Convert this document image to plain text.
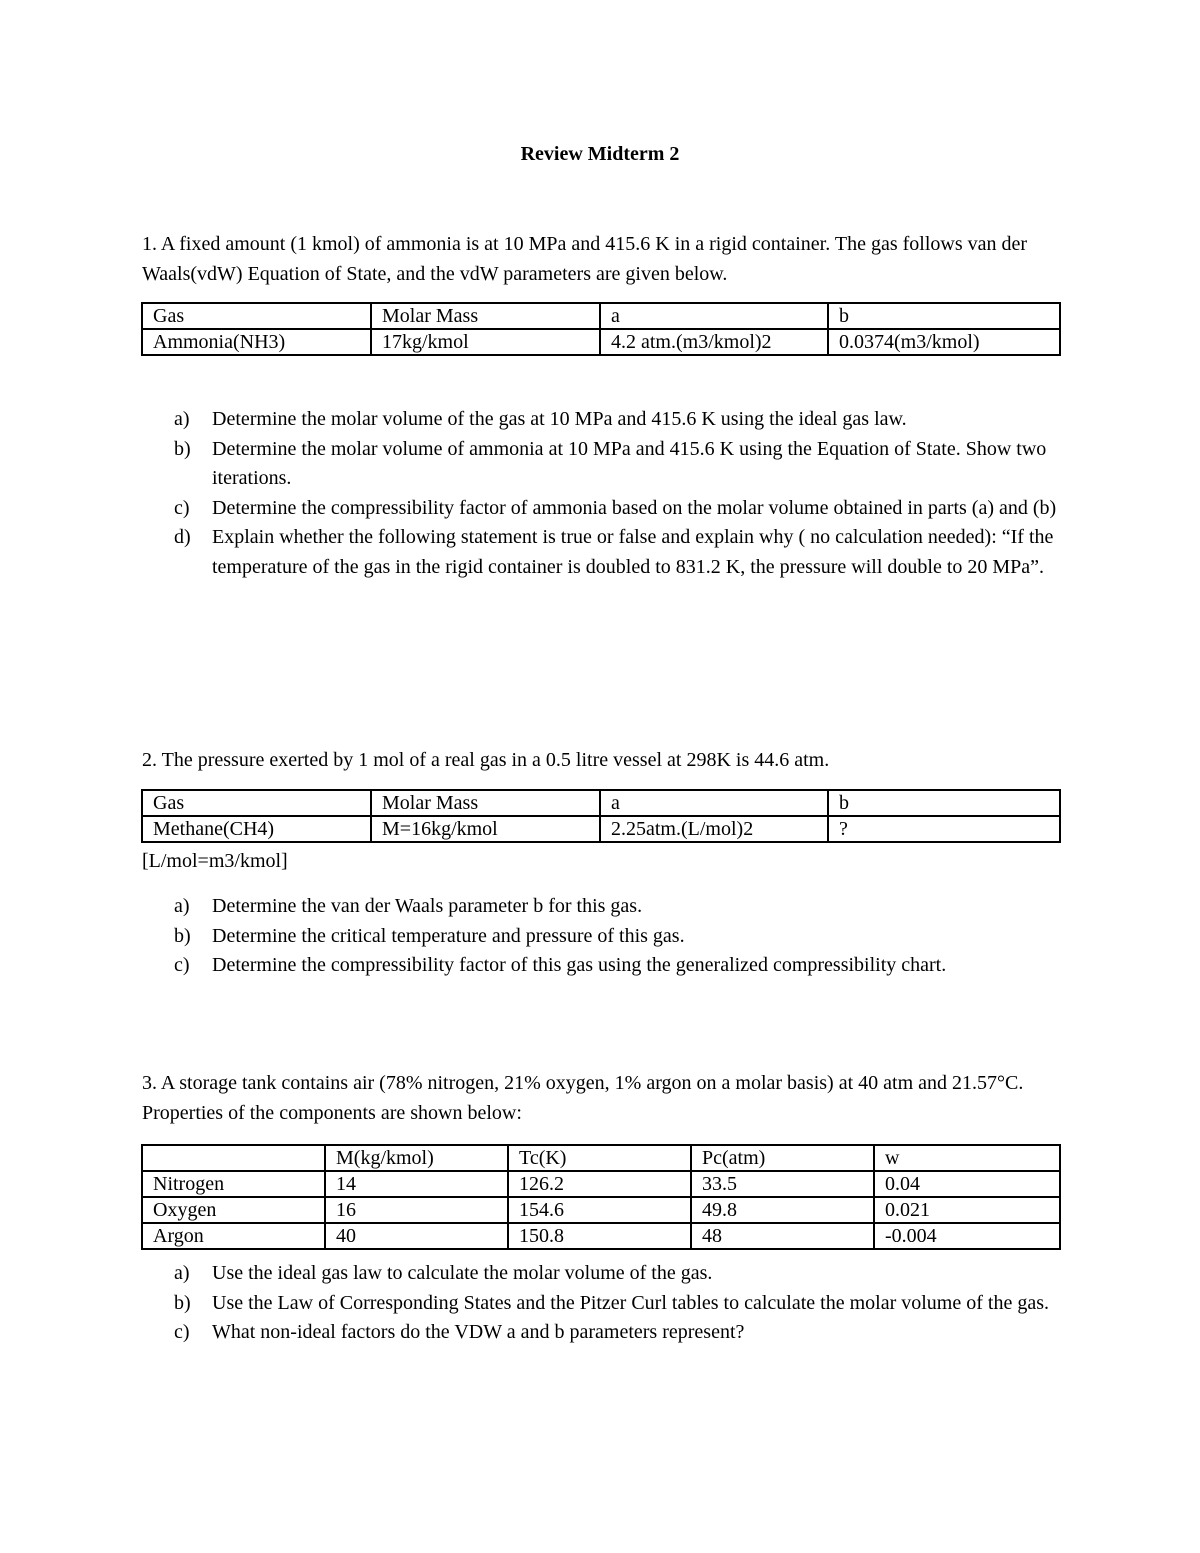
Review Midterm 2
1. A fixed amount (1 kmol) of ammonia is at 10 MPa and 415.6 K in a rigid container. The gas follows van der Waals(vdW) Equation of State, and the vdW parameters are given below.
Gas	Molar Mass	a	b
Ammonia(NH3)	17kg/kmol	4.2 atm.(m3/kmol)2	0.0374(m3/kmol)
a) Determine the molar volume of the gas at 10 MPa and 415.6 K using the ideal gas law.
b) Determine the molar volume of ammonia at 10 MPa and 415.6 K using the Equation of State. Show two iterations.
c) Determine the compressibility factor of ammonia based on the molar volume obtained in parts (a) and (b)
d) Explain whether the following statement is true or false and explain why ( no calculation needed): “If the temperature of the gas in the rigid container is doubled to 831.2 K, the pressure will double to 20 MPa”.
2. The pressure exerted by 1 mol of a real gas in a 0.5 litre vessel at 298K is 44.6 atm.
Gas	Molar Mass	a	b
Methane(CH4)	M=16kg/kmol	2.25atm.(L/mol)2	?
[L/mol=m3/kmol]
a) Determine the van der Waals parameter b for this gas.
b) Determine the critical temperature and pressure of this gas.
c) Determine the compressibility factor of this gas using the generalized compressibility chart.
3. A storage tank contains air (78% nitrogen, 21% oxygen, 1% argon on a molar basis) at 40 atm and 21.57°C. Properties of the components are shown below:
	M(kg/kmol)	Tc(K)	Pc(atm)	w
Nitrogen	14	126.2	33.5	0.04
Oxygen	16	154.6	49.8	0.021
Argon	40	150.8	48	-0.004
a) Use the ideal gas law to calculate the molar volume of the gas.
b) Use the Law of Corresponding States and the Pitzer Curl tables to calculate the molar volume of the gas.
c) What non-ideal factors do the VDW a and b parameters represent?
